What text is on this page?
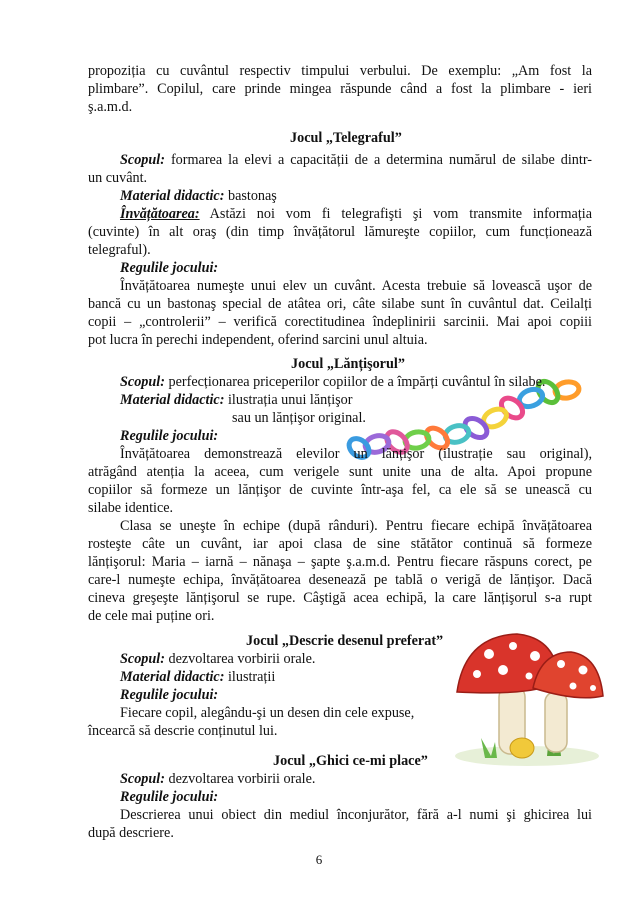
propoziția cu cuvântul respectiv timpului verbului. De exemplu: „Am fost la
plimbare”. Copilul, care prinde mingea răspunde când a fost la plimbare - ieri
ş.a.m.d.
Jocul „Telegraful”
Scopul: formarea la elevi a capacității de a determina numărul de silabe dintr-
un cuvânt.
Material didactic: bastonaş
Învățătoarea: Astăzi noi vom fi telegrafişti şi vom transmite informația
(cuvinte) în alt oraş (din timp învățătorul lămureşte copiilor, cum funcționează
telegraful).
Regulile jocului:
Învățătoarea numeşte unui elev un cuvânt. Acesta trebuie să lovească uşor de
bancă cu un bastonaş special de atâtea ori, câte silabe sunt în cuvântul dat. Ceilalți
copii – „controlerii” – verifică corectitudinea îndeplinirii sarcinii. Mai apoi copiii
pot lucra în perechi independent, oferind sarcini unul altuia.
Jocul „Lănțişorul”
Scopul: perfecționarea priceperilor copiilor de a împărți cuvântul în silabe.
Material didactic: ilustrația unui lănțişor
sau un lănțişor original.
Regulile jocului:
Învățătoarea demonstrează elevilor un lănțişor (ilustrație sau original),
atrăgând atenția la aceea, cum verigele sunt unite una de alta. Apoi propune
copiilor să formeze un lănțişor de cuvinte într-aşa fel, ca ele să se unească cu
silabe identice.
Clasa se uneşte în echipe (după rânduri). Pentru fiecare echipă învățătoarea
rosteşte câte un cuvânt, iar apoi clasa de sine stătător continuă să formeze
lănțişorul: Maria – iarnă – nănaşa – şapte ş.a.m.d. Pentru fiecare răspuns corect, pe
care-l numeşte echipa, învățătoarea desenează pe tablă o verigă de lănțişor. Dacă
cineva greşeşte lănțişorul se rupe. Câştigă acea echipă, la care lănțişorul s-a rupt
de cele mai puține ori.
Jocul „Descrie desenul preferat”
Scopul: dezvoltarea vorbirii orale.
Material didactic: ilustrații
Regulile jocului:
Fiecare copil, alegându-şi un desen din cele expuse,
încearcă să descrie conținutul lui.
Jocul „Ghici ce-mi place”
Scopul: dezvoltarea vorbirii orale.
Regulile jocului:
Descrierea unui obiect din mediul înconjurător, fără a-l numi şi ghicirea lui
după descriere.
6
